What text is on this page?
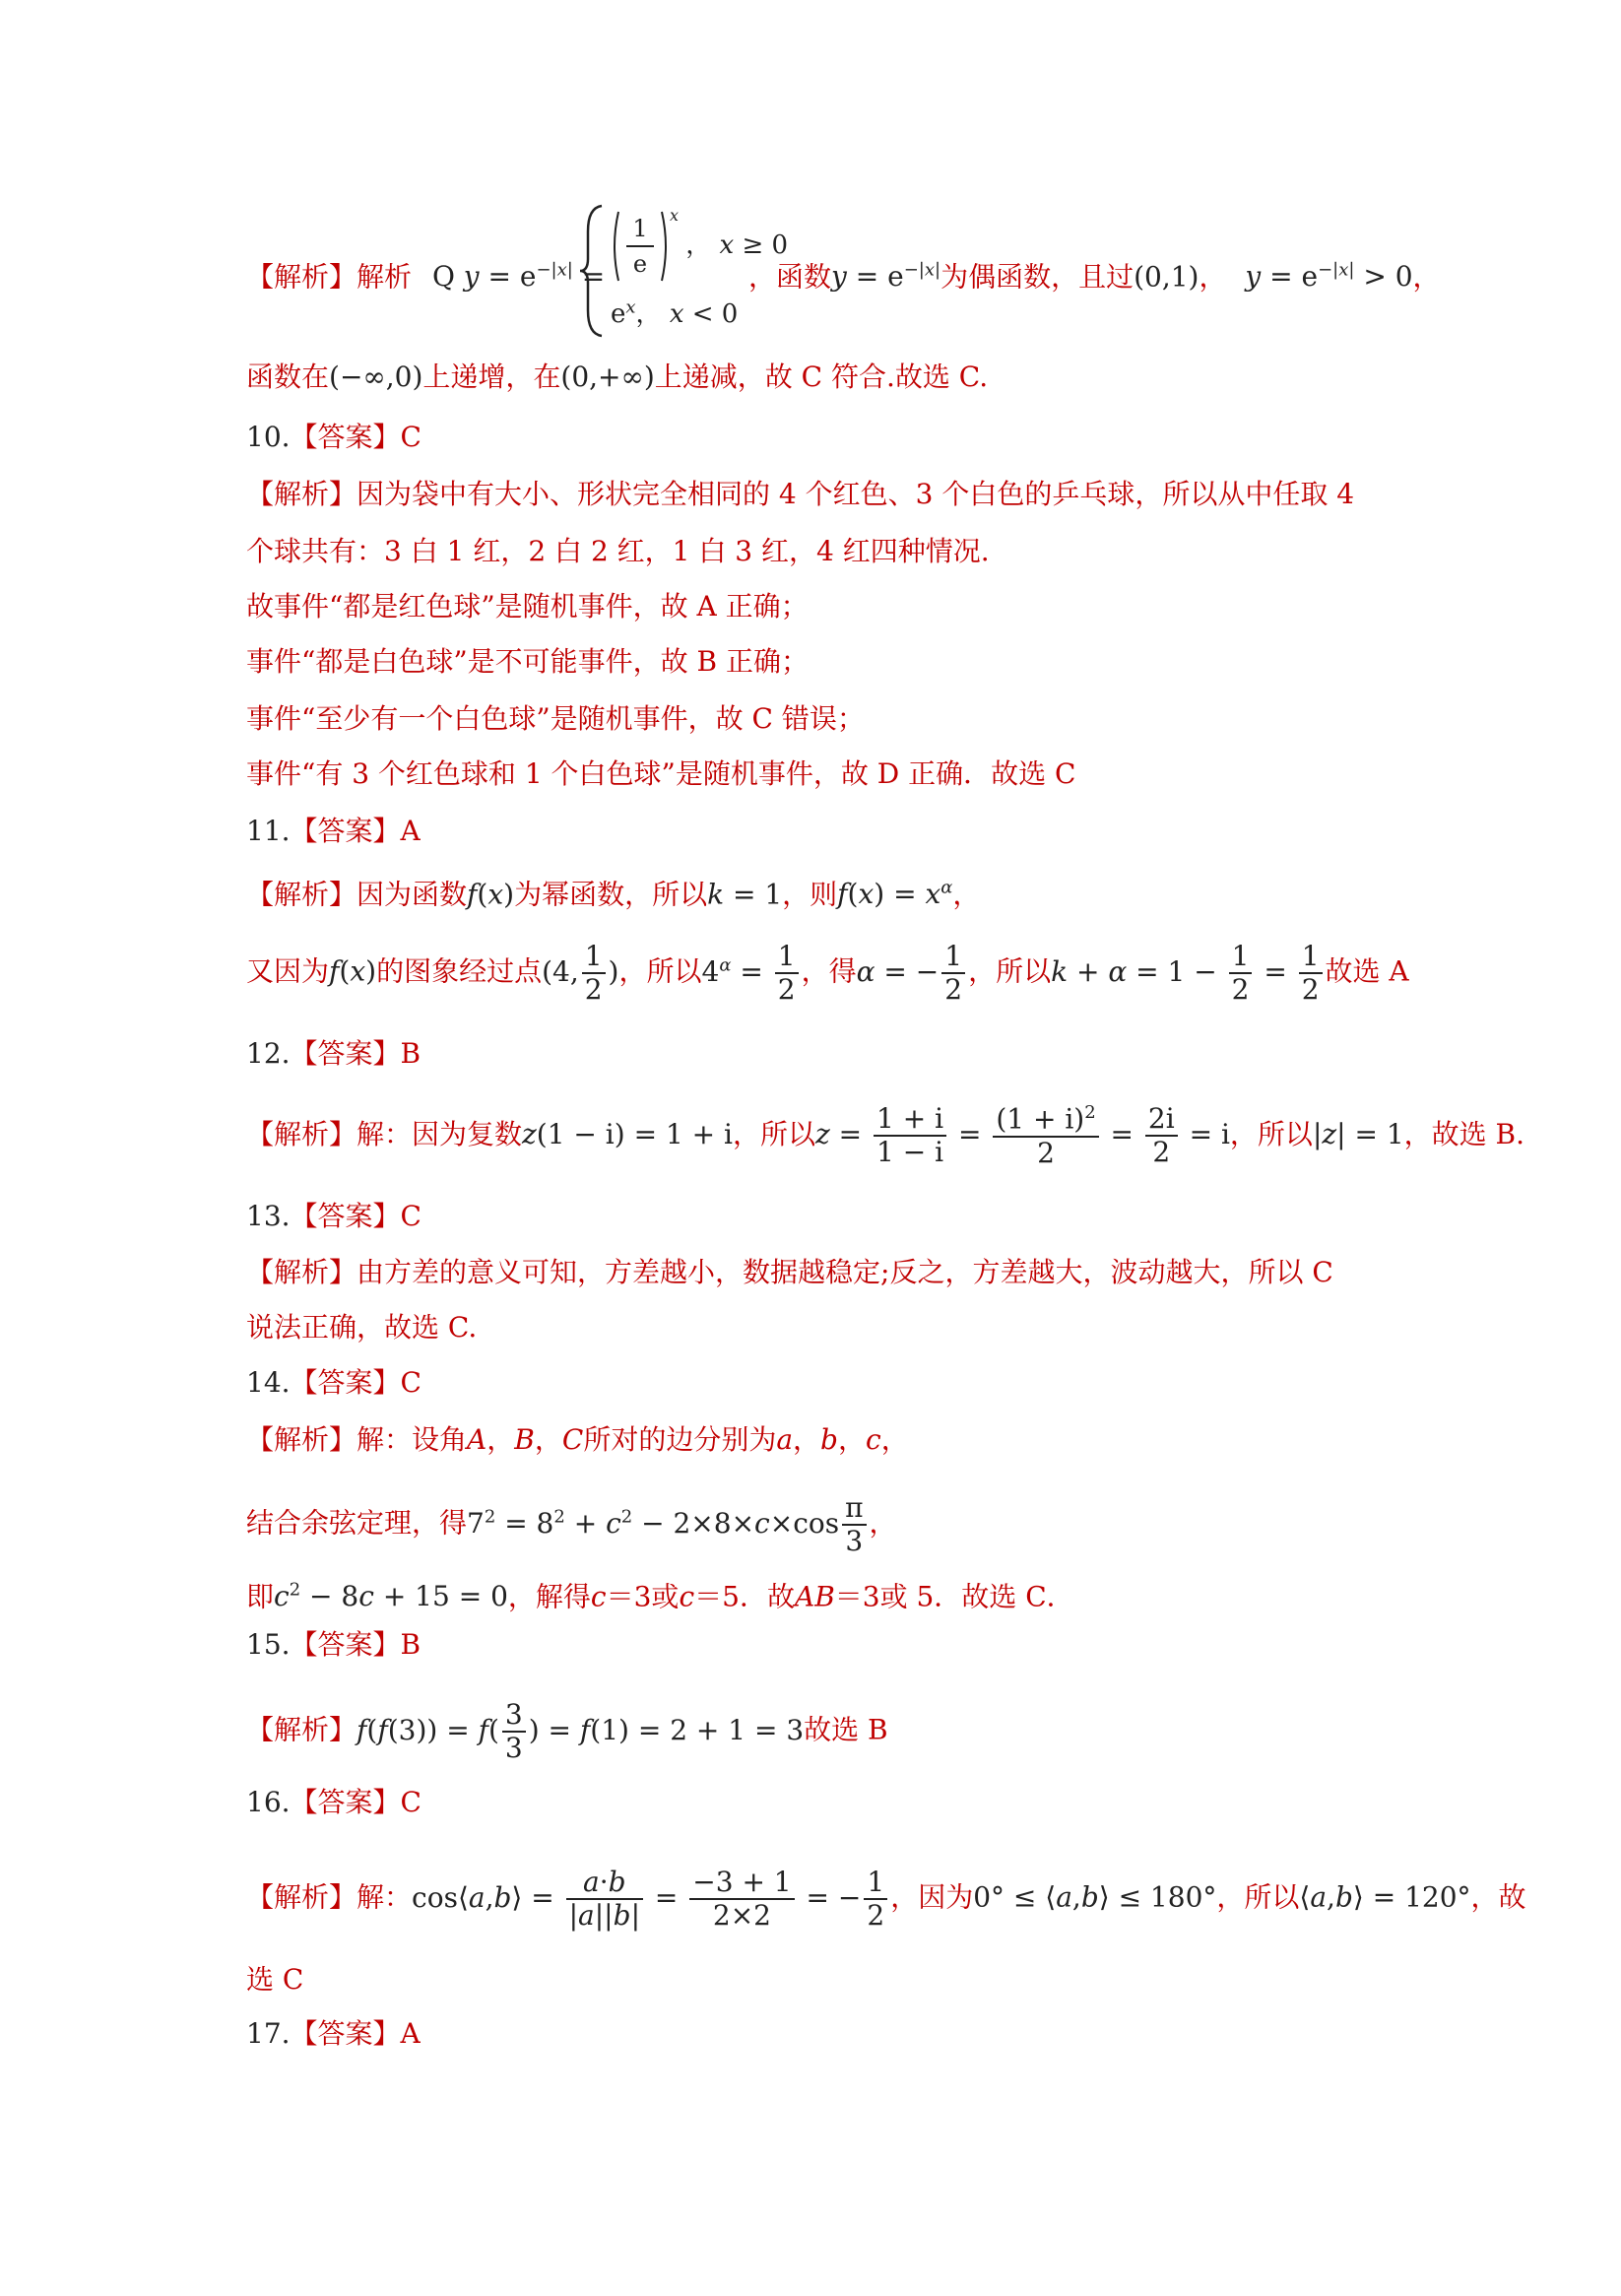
【解析】解析 Q $y = e^{-|x|}$ =
1
e
x
， x ≥ 0
$e^x$， x < 0
，函数$y = e^{-|x|}$为偶函数，且过(0,1)， $y = e^{-|x|} > 0$，
函数在(−∞,0)上递增，在(0,+∞)上递减，故 C 符合.故选 C.
10.【答案】C
【解析】因为袋中有大小、形状完全相同的 4 个红色、3 个白色的乒乓球，所以从中任取 4
个球共有：3 白 1 红，2 白 2 红，1 白 3 红，4 红四种情况.
故事件“都是红色球”是随机事件，故 A 正确；
事件“都是白色球”是不可能事件，故 B 正确；
事件“至少有一个白色球”是随机事件，故 C 错误；
事件“有 3 个红色球和 1 个白色球”是随机事件，故 D 正确．故选 C
11.【答案】A
【解析】因为函数f(x)为幂函数，所以k = 1，则$f(x) = x^\alpha$，
又因为f(x)的图象经过点(4, $\frac{1}{2}$ )，所以$4^\alpha = \frac{1}{2}$ ，得α = − $\frac{1}{2}$ ，所以$k + \alpha = 1 - \frac{1}{2} = \frac{1}{2}$ 故选 A
12.【答案】B
【解析】解：因为复数z(1 − i) = 1 + i，所以$z = \frac{1 + i}{1 - i} = \frac{(1 + i)^2}{2} = \frac{2i}{2} = i$，所以|z| = 1，故选 B.
13.【答案】C
【解析】由方差的意义可知，方差越小，数据越稳定;反之，方差越大，波动越大，所以 C
说法正确，故选 C.
14.【答案】C
【解析】解：设角A，B，C所对的边分别为a，b，c，
结合余弦定理，得$7^2 = 8^2 + c^2 - 2\times 8\times c\times\cos \frac{\pi}{3}$ ，
即$c^2 - 8c + 15 = 0$，解得c＝3或c＝5．故AB＝3或 5．故选 C．
15.【答案】B
【解析】$f(f(3)) = f( \frac{3}{3}$ ) = f(1) = 2 + 1 = 3故选 B
16.【答案】C
【解析】解：cos⟨a,b⟩ = $\frac{a\cdot b}{|a||b|} = \frac{-3 + 1}{2\times 2}$ = − $\frac{1}{2}$ ，因为0° ≤ ⟨a,b⟩ ≤ 180°，所以⟨a,b⟩ = 120°，故
选 C
17.【答案】A
